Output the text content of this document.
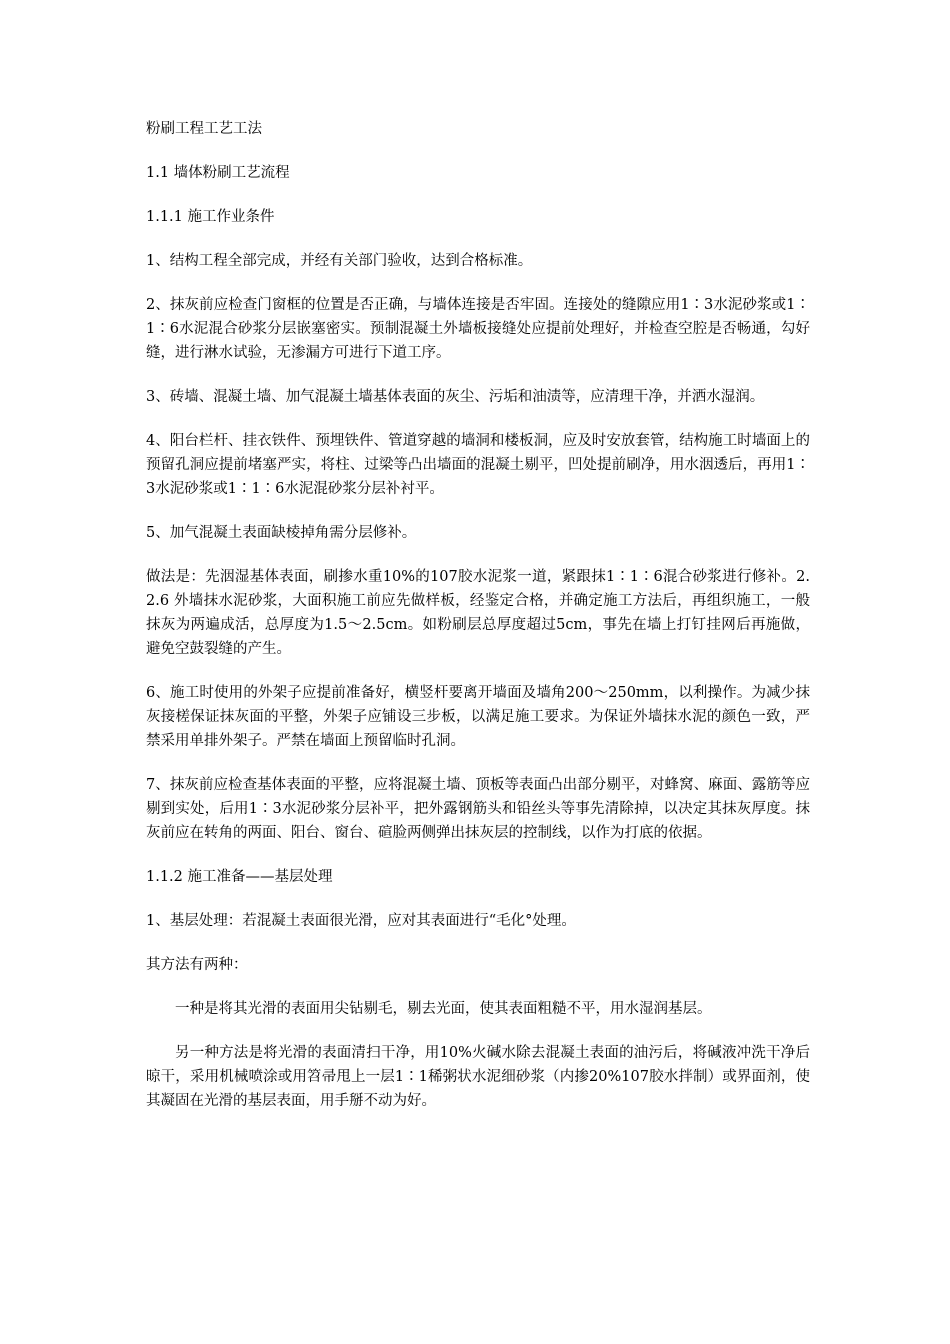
粉刷工程工艺工法

1.1 墙体粉刷工艺流程

1.1.1 施工作业条件

1、结构工程全部完成，并经有关部门验收，达到合格标准。

2、抹灰前应检查门窗框的位置是否正确，与墙体连接是否牢固。连接处的缝隙应用1∶3水泥砂浆或1∶1∶6水泥混合砂浆分层嵌塞密实。预制混凝土外墙板接缝处应提前处理好，并检查空腔是否畅通，勾好缝，进行淋水试验，无渗漏方可进行下道工序。

3、砖墙、混凝土墙、加气混凝土墙基体表面的灰尘、污垢和油渍等，应清理干净，并洒水湿润。

4、阳台栏杆、挂衣铁件、预埋铁件、管道穿越的墙洞和楼板洞，应及时安放套管，结构施工时墙面上的预留孔洞应提前堵塞严实，将柱、过梁等凸出墙面的混凝土剔平，凹处提前刷净，用水洇透后，再用1∶3水泥砂浆或1∶1∶6水泥混砂浆分层补衬平。

5、加气混凝土表面缺棱掉角需分层修补。

做法是：先洇湿基体表面，刷掺水重10%的107胶水泥浆一道，紧跟抹1∶1∶6混合砂浆进行修补。2.2.6 外墙抹水泥砂浆，大面积施工前应先做样板，经鉴定合格，并确定施工方法后，再组织施工，一般抹灰为两遍成活，总厚度为1.5～2.5cm。如粉刷层总厚度超过5cm，事先在墙上打钉挂网后再施做，避免空鼓裂缝的产生。

6、施工时使用的外架子应提前准备好，横竖杆要离开墙面及墙角200～250mm，以利操作。为减少抹灰接槎保证抹灰面的平整，外架子应铺设三步板，以满足施工要求。为保证外墙抹水泥的颜色一致，严禁采用单排外架子。严禁在墙面上预留临时孔洞。

7、抹灰前应检查基体表面的平整，应将混凝土墙、顶板等表面凸出部分剔平，对蜂窝、麻面、露筋等应剔到实处，后用1∶3水泥砂浆分层补平，把外露钢筋头和铅丝头等事先清除掉，以决定其抹灰厚度。抹灰前应在转角的两面、阳台、窗台、碹脸两侧弹出抹灰层的控制线，以作为打底的依据。

1.1.2 施工准备——基层处理

1、基层处理：若混凝土表面很光滑，应对其表面进行“毛化°处理。

其方法有两种：

一种是将其光滑的表面用尖钻剔毛，剔去光面，使其表面粗糙不平，用水湿润基层。

另一种方法是将光滑的表面清扫干净，用10%火碱水除去混凝土表面的油污后，将碱液冲洗干净后晾干，采用机械喷涂或用笤帚甩上一层1∶1稀粥状水泥细砂浆（内掺20%107胶水拌制）或界面剂，使其凝固在光滑的基层表面，用手掰不动为好。
